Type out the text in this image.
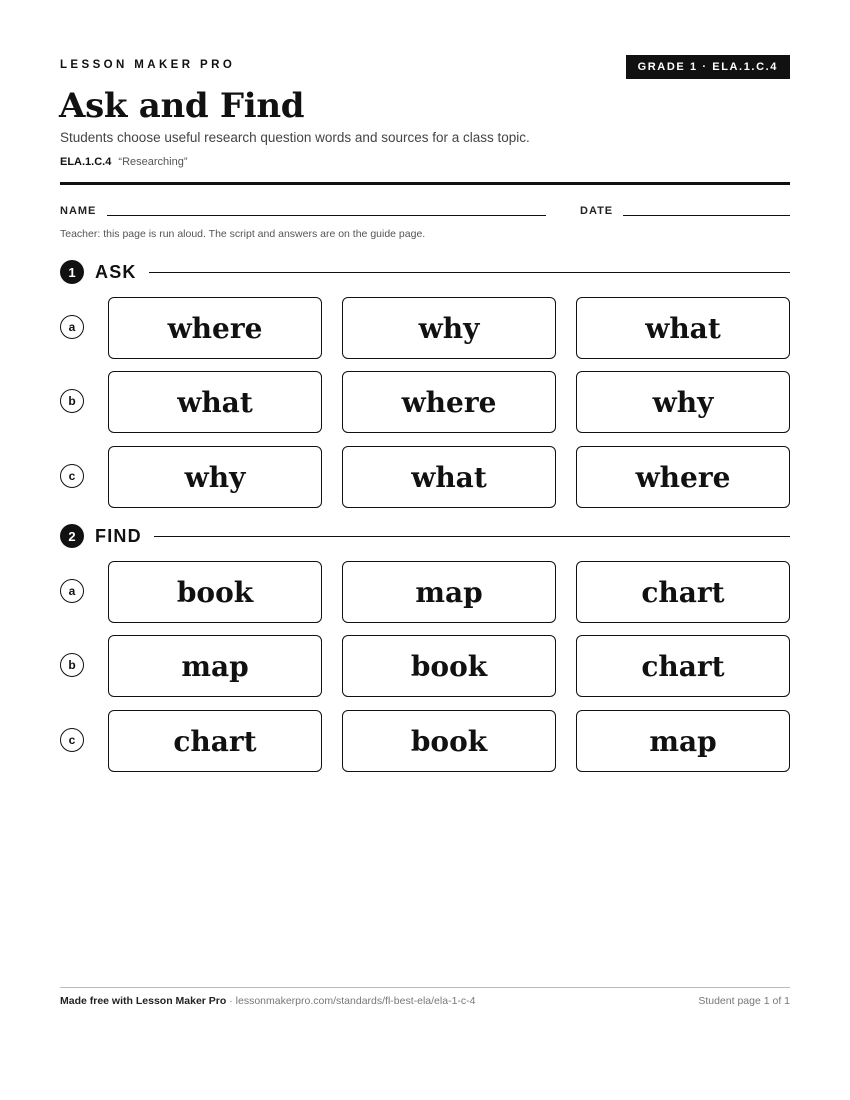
LESSON MAKER PRO	GRADE 1 · ELA.1.C.4
Ask and Find
Students choose useful research question words and sources for a class topic.
ELA.1.C.4 “Researching”
NAME	DATE
Teacher: this page is run aloud. The script and answers are on the guide page.
1	ASK
a	where	why	what
b	what	where	why
c	why	what	where
2	FIND
a	book	map	chart
b	map	book	chart
c	chart	book	map
Made free with Lesson Maker Pro · lessonmakerpro.com/standards/fl-best-ela/ela-1-c-4	Student page 1 of 1
